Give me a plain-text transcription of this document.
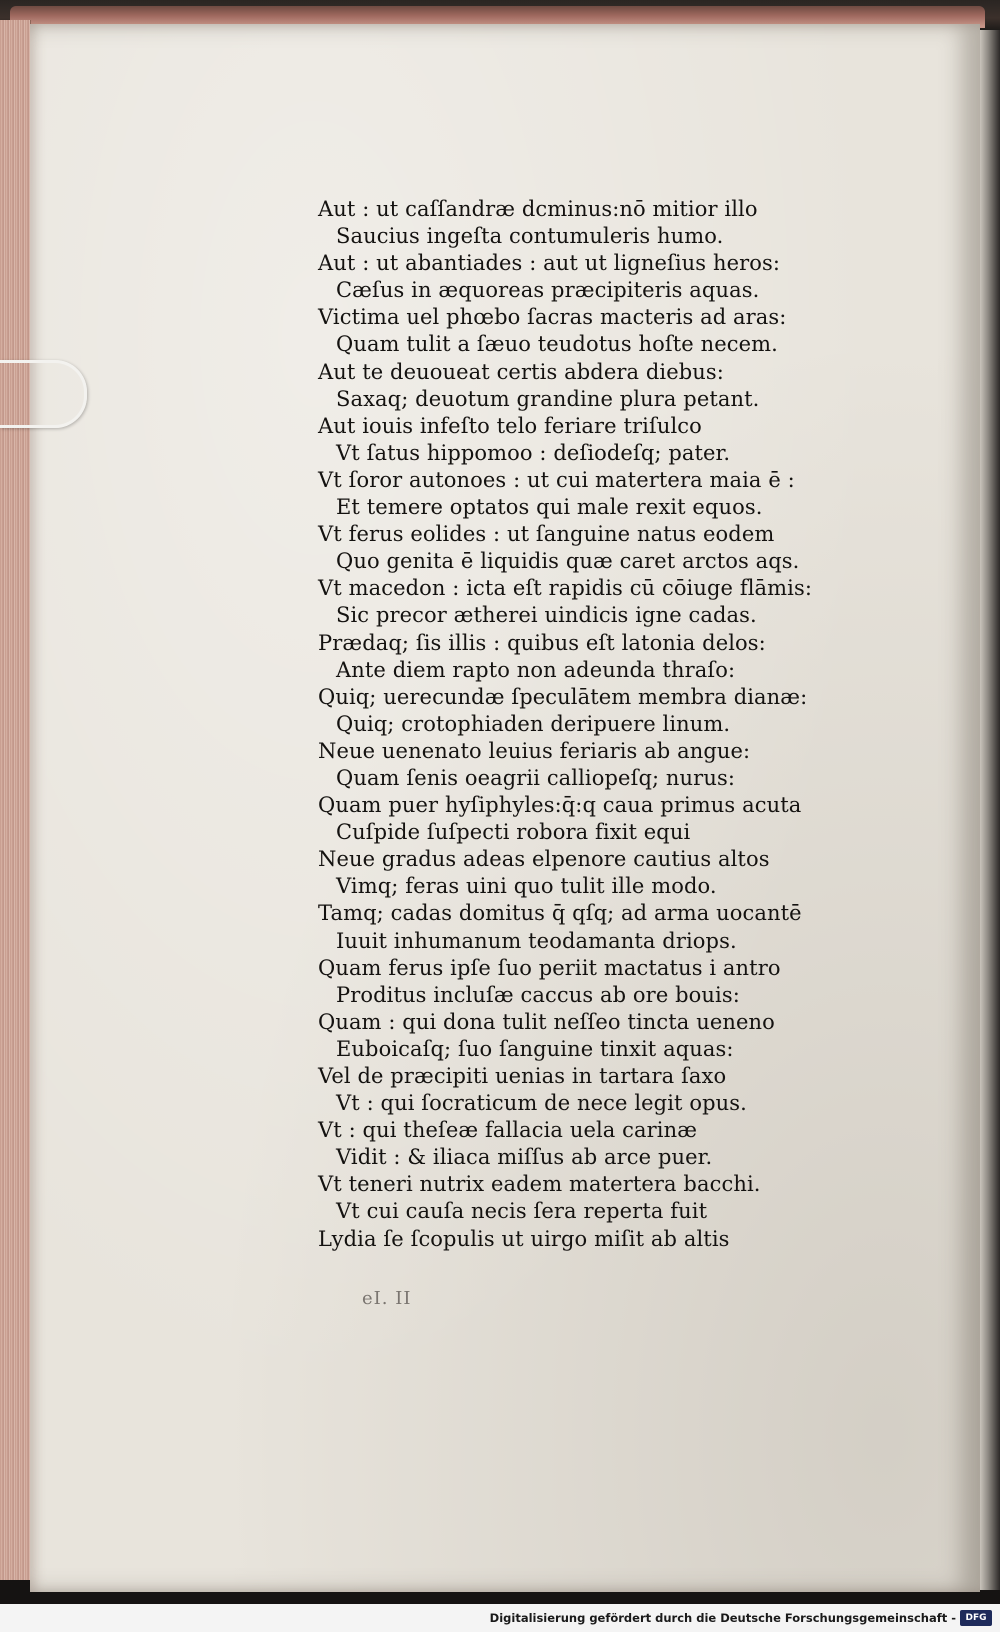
Aut : ut caſſandræ dcminus:nō mitior illo
Saucius ingeſta contumuleris humo.
Aut : ut abantiades : aut ut ligneſius heros:
Cæſus in æquoreas præcipiteris aquas.
Victima uel phœbo ſacras macteris ad aras:
Quam tulit a ſæuo teudotus hoſte necem.
Aut te deuoueat certis abdera diebus:
Saxaq; deuotum grandine plura petant.
Aut iouis infeſto telo feriare triſulco
Vt ſatus hippomoo : deſiodeſq; pater.
Vt ſoror autonoes : ut cui matertera maia ē :
Et temere optatos qui male rexit equos.
Vt ferus eolides : ut ſanguine natus eodem
Quo genita ē liquidis quæ caret arctos aqs.
Vt macedon : icta eſt rapidis cū cōiuge flāmis:
Sic precor ætherei uindicis igne cadas.
Prædaq; ſis illis : quibus eſt latonia delos:
Ante diem rapto non adeunda thraſo:
Quiq; uerecundæ ſpeculātem membra dianæ:
Quiq; crotophiaden deripuere linum.
Neue uenenato leuius feriaris ab angue:
Quam ſenis oeagrii calliopeſq; nurus:
Quam puer hyſiphyles:q̄:q caua primus acuta
Cuſpide ſuſpecti robora fixit equi
Neue gradus adeas elpenore cautius altos
Vimq; feras uini quo tulit ille modo.
Tamq; cadas domitus q̄ qſq; ad arma uocantē
Iuuit inhumanum teodamanta driops.
Quam ferus ipſe ſuo periit mactatus i antro
Proditus incluſæ caccus ab ore bouis:
Quam : qui dona tulit neſſeo tincta ueneno
Euboicaſq; ſuo ſanguine tinxit aquas:
Vel de præcipiti uenias in tartara ſaxo
Vt : qui ſocraticum de nece legit opus.
Vt : qui theſeæ fallacia uela carinæ
Vidit : & iliaca miſſus ab arce puer.
Vt teneri nutrix eadem matertera bacchi.
Vt cui cauſa necis ſera reperta fuit
Lydia ſe ſcopulis ut uirgo miſit ab altis
eI. II
Digitalisierung gefördert durch die Deutsche Forschungsgemeinschaft -	DFG
